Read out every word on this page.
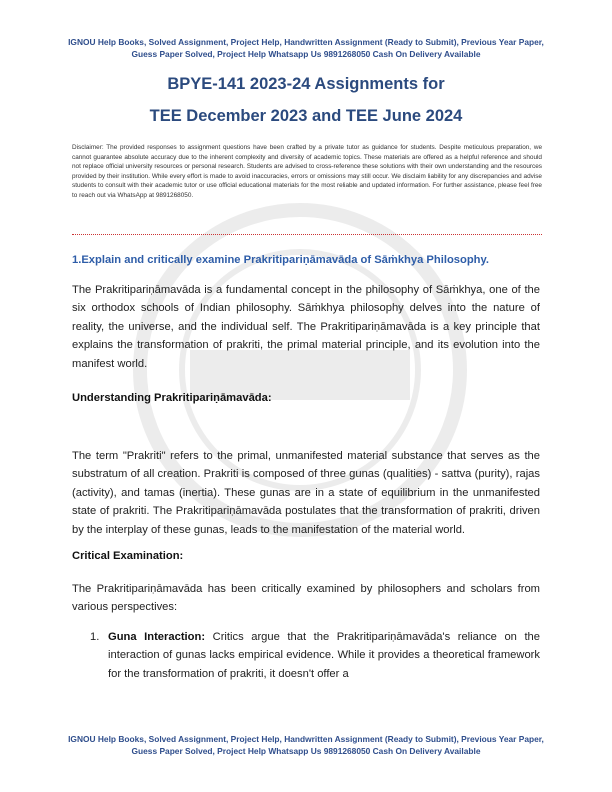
IGNOU Help Books, Solved Assignment, Project Help, Handwritten Assignment (Ready to Submit), Previous Year Paper, Guess Paper Solved, Project Help Whatsapp Us 9891268050 Cash On Delivery Available
BPYE-141 2023-24 Assignments for
TEE December 2023 and TEE June 2024
Disclaimer: The provided responses to assignment questions have been crafted by a private tutor as guidance for students. Despite meticulous preparation, we cannot guarantee absolute accuracy due to the inherent complexity and diversity of academic topics. These materials are offered as a helpful reference and should not replace official university resources or personal research. Students are advised to cross-reference these solutions with their own understanding and the resources provided by their institution. While every effort is made to avoid inaccuracies, errors or omissions may still occur. We disclaim liability for any discrepancies and advise students to consult with their academic tutor or use official educational materials for the most reliable and updated information. For further assistance, please feel free to reach out via WhatsApp at 9891268050.
1.Explain and critically examine Prakritipariṇāmavāda of Sāṁkhya Philosophy.
The Prakritipariṇāmavāda is a fundamental concept in the philosophy of Sāṁkhya, one of the six orthodox schools of Indian philosophy. Sāṁkhya philosophy delves into the nature of reality, the universe, and the individual self. The Prakritipariṇāmavāda is a key principle that explains the transformation of prakriti, the primal material principle, and its evolution into the manifest world.
Understanding Prakritipariṇāmavāda:
The term "Prakriti" refers to the primal, unmanifested material substance that serves as the substratum of all creation. Prakriti is composed of three gunas (qualities) - sattva (purity), rajas (activity), and tamas (inertia). These gunas are in a state of equilibrium in the unmanifested state of prakriti. The Prakritipariṇāmavāda postulates that the transformation of prakriti, driven by the interplay of these gunas, leads to the manifestation of the material world.
Critical Examination:
The Prakritipariṇāmavāda has been critically examined by philosophers and scholars from various perspectives:
1. Guna Interaction: Critics argue that the Prakritipariṇāmavāda's reliance on the interaction of gunas lacks empirical evidence. While it provides a theoretical framework for the transformation of prakriti, it doesn't offer a
IGNOU Help Books, Solved Assignment, Project Help, Handwritten Assignment (Ready to Submit), Previous Year Paper, Guess Paper Solved, Project Help Whatsapp Us 9891268050 Cash On Delivery Available
